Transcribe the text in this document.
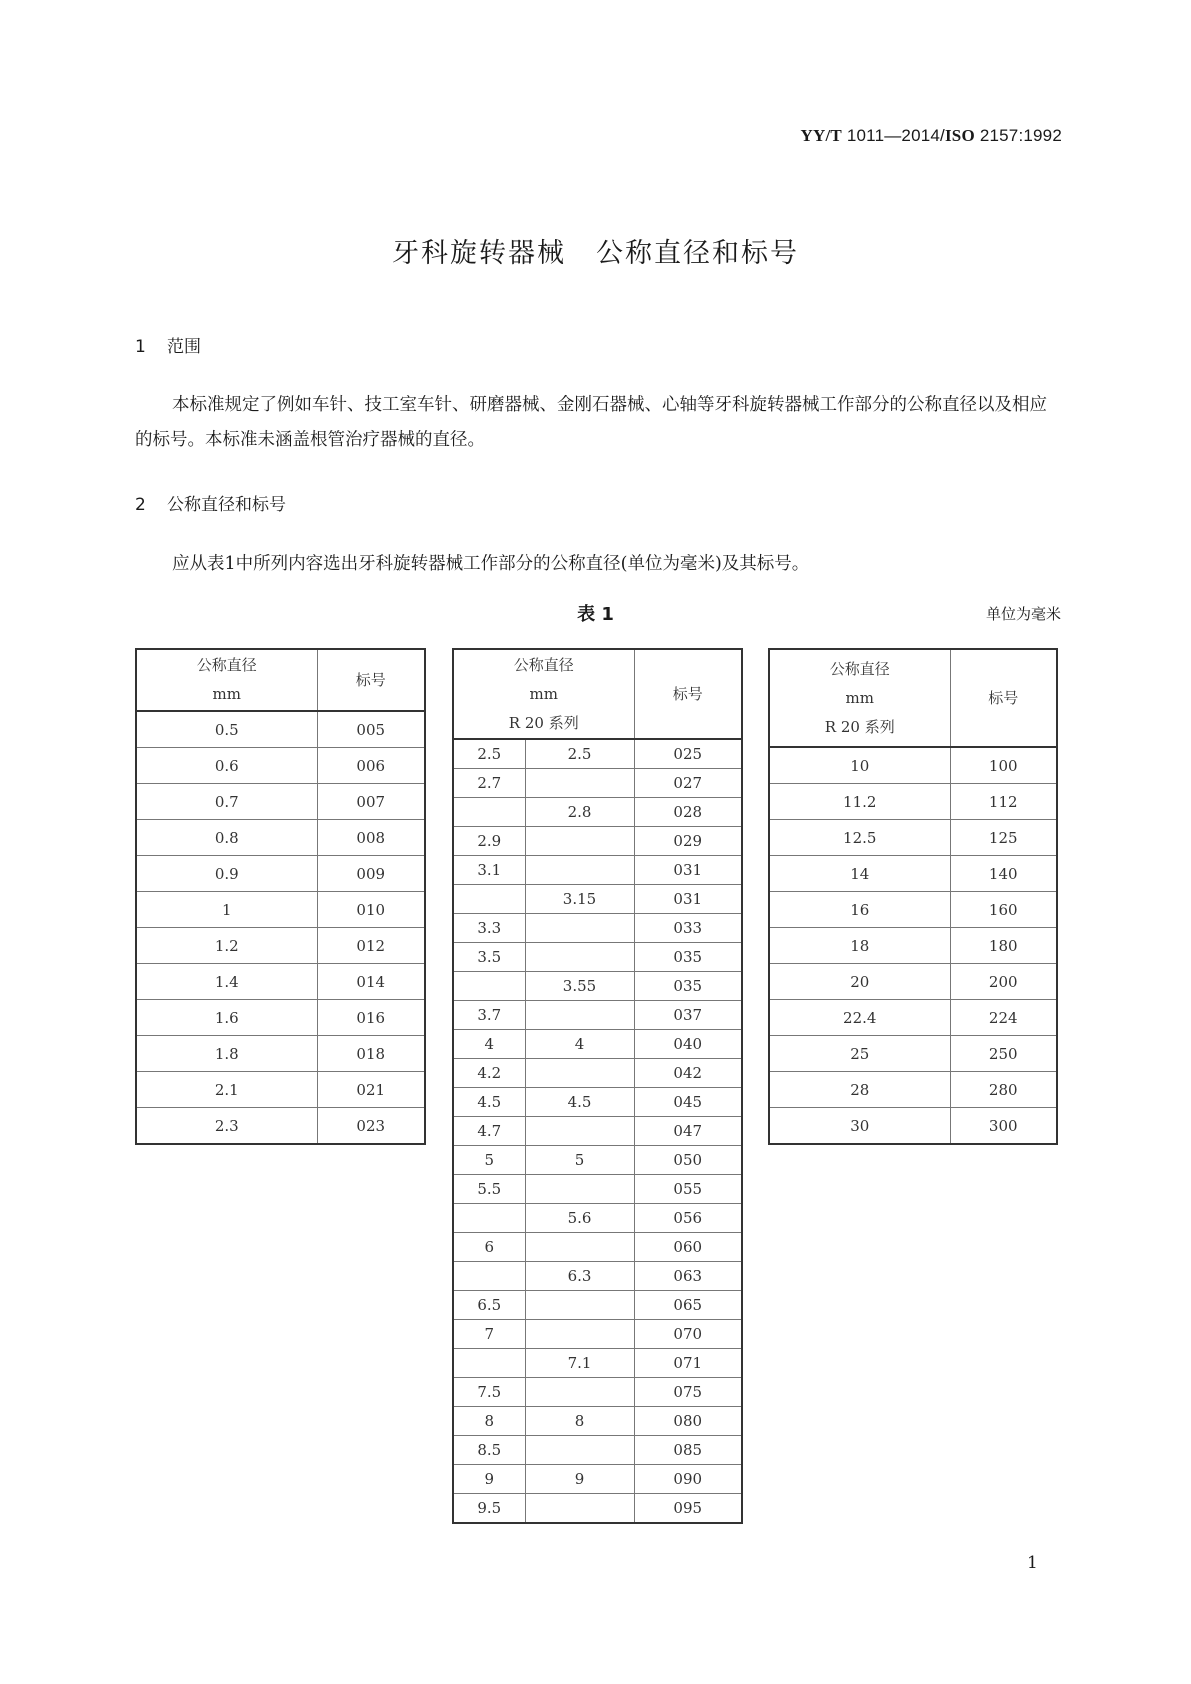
YY/T 1011—2014/ISO 2157:1992
牙科旋转器械 公称直径和标号
1 范围
本标准规定了例如车针、技工室车针、研磨器械、金刚石器械、心轴等牙科旋转器械工作部分的公称直径以及相应的标号。本标准未涵盖根管治疗器械的直径。
2 公称直径和标号
应从表1中所列内容选出牙科旋转器械工作部分的公称直径(单位为毫米)及其标号。
表 1	单位为毫米
公称直径
mm	标号
0.5	005
0.6	006
0.7	007
0.8	008
0.9	009
1	010
1.2	012
1.4	014
1.6	016
1.8	018
2.1	021
2.3	023
公称直径
mm
R 20 系列		标号
2.5	2.5	025
2.7		027
	2.8	028
2.9		029
3.1		031
	3.15	031
3.3		033
3.5		035
	3.55	035
3.7		037
4	4	040
4.2		042
4.5	4.5	045
4.7		047
5	5	050
5.5		055
	5.6	056
6		060
	6.3	063
6.5		065
7		070
	7.1	071
7.5		075
8	8	080
8.5		085
9	9	090
9.5		095
公称直径
mm
R 20 系列	标号
10	100
11.2	112
12.5	125
14	140
16	160
18	180
20	200
22.4	224
25	250
28	280
30	300
1
